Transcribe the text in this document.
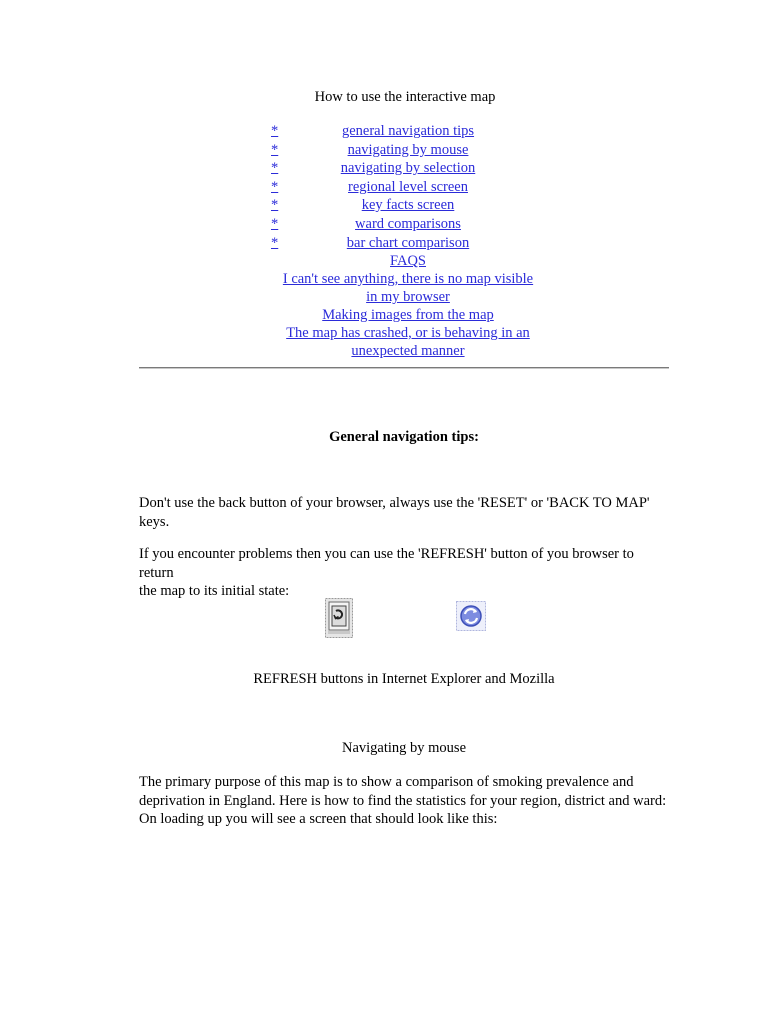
How to use the interactive map
*	general navigation tips
*	navigating by mouse
*	navigating by selection
*	regional level screen
*	key facts screen
*	ward comparisons
*	bar chart comparison
FAQS
I can't see anything, there is no map visible
in my browser
Making images from the map
The map has crashed, or is behaving in an
unexpected manner
General navigation tips:
Don't use the back button of your browser, always use the 'RESET' or 'BACK TO MAP'
keys.
If you encounter problems then you can use the 'REFRESH' button of you browser to return
the map to its initial state:
REFRESH buttons in Internet Explorer and Mozilla
Navigating by mouse
The primary purpose of this map is to show a comparison of smoking prevalence and
deprivation in England. Here is how to find the statistics for your region, district and ward:
On loading up you will see a screen that should look like this:
